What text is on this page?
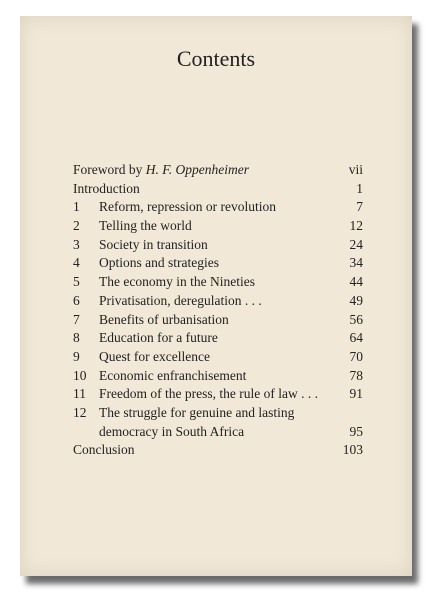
Contents
Foreword by H. F. Oppenheimer	vii
Introduction	1
1	Reform, repression or revolution	7
2	Telling the world	12
3	Society in transition	24
4	Options and strategies	34
5	The economy in the Nineties	44
6	Privatisation, deregulation . . .	49
7	Benefits of urbanisation	56
8	Education for a future	64
9	Quest for excellence	70
10 Economic enfranchisement	78
11 Freedom of the press, the rule of law . . . 91
12 The struggle for genuine and lasting
democracy in South Africa	95
Conclusion	103
